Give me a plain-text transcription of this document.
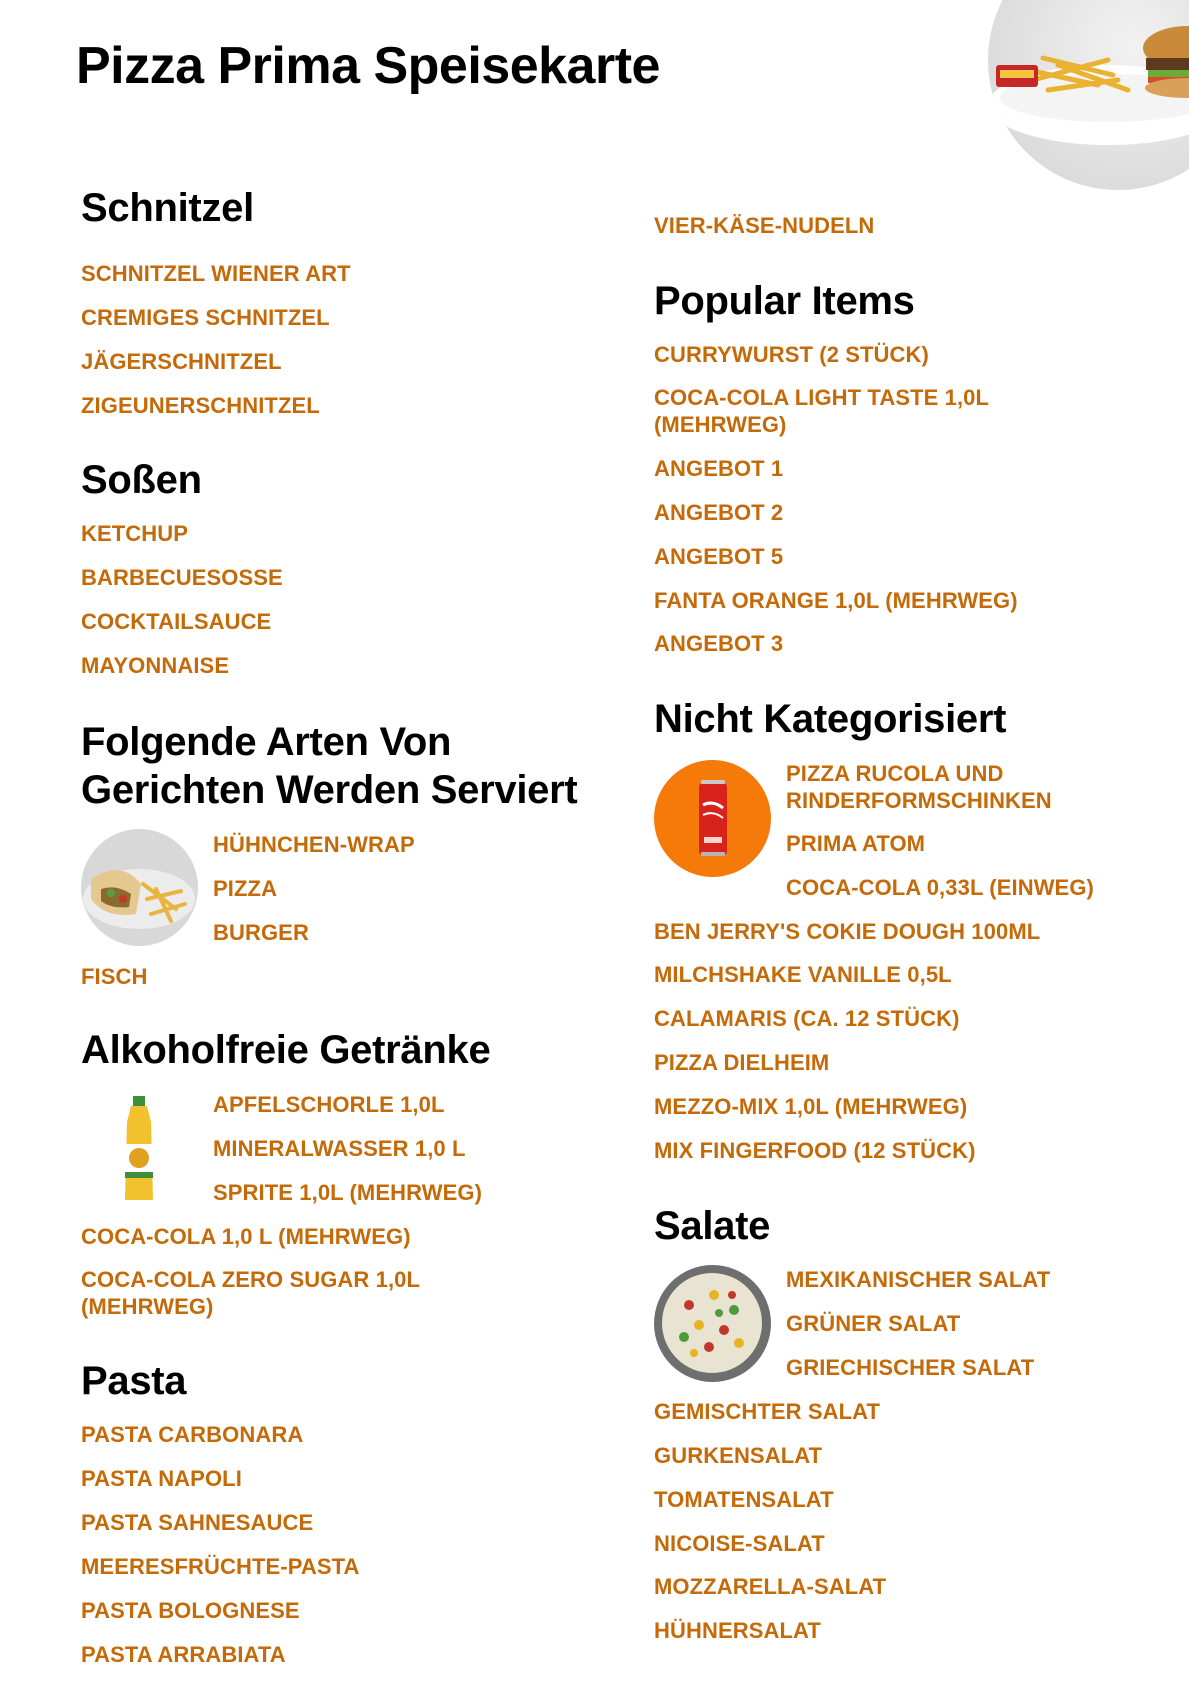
Pizza Prima Speisekarte
Schnitzel
SCHNITZEL WIENER ART
CREMIGES SCHNITZEL
JÄGERSCHNITZEL
ZIGEUNERSCHNITZEL
Soßen
KETCHUP
BARBECUESOSSE
COCKTAILSAUCE
MAYONNAISE
Folgende Arten Von
Gerichten Werden Serviert
HÜHNCHEN-WRAP
PIZZA
BURGER
FISCH
Alkoholfreie Getränke
APFELSCHORLE 1,0L
MINERALWASSER 1,0 L
SPRITE 1,0L (MEHRWEG)
COCA-COLA 1,0 L (MEHRWEG)
COCA-COLA ZERO SUGAR 1,0L
(MEHRWEG)
Pasta
PASTA CARBONARA
PASTA NAPOLI
PASTA SAHNESAUCE
MEERESFRÜCHTE-PASTA
PASTA BOLOGNESE
PASTA ARRABIATA
VIER-KÄSE-NUDELN
Popular Items
CURRYWURST (2 STÜCK)
COCA-COLA LIGHT TASTE 1,0L
(MEHRWEG)
ANGEBOT 1
ANGEBOT 2
ANGEBOT 5
FANTA ORANGE 1,0L (MEHRWEG)
ANGEBOT 3
Nicht Kategorisiert
PIZZA RUCOLA UND
RINDERFORMSCHINKEN
PRIMA ATOM
COCA-COLA 0,33L (EINWEG)
BEN JERRY'S COKIE DOUGH 100ML
MILCHSHAKE VANILLE 0,5L
CALAMARIS (CA. 12 STÜCK)
PIZZA DIELHEIM
MEZZO-MIX 1,0L (MEHRWEG)
MIX FINGERFOOD (12 STÜCK)
Salate
MEXIKANISCHER SALAT
GRÜNER SALAT
GRIECHISCHER SALAT
GEMISCHTER SALAT
GURKENSALAT
TOMATENSALAT
NICOISE-SALAT
MOZZARELLA-SALAT
HÜHNERSALAT
